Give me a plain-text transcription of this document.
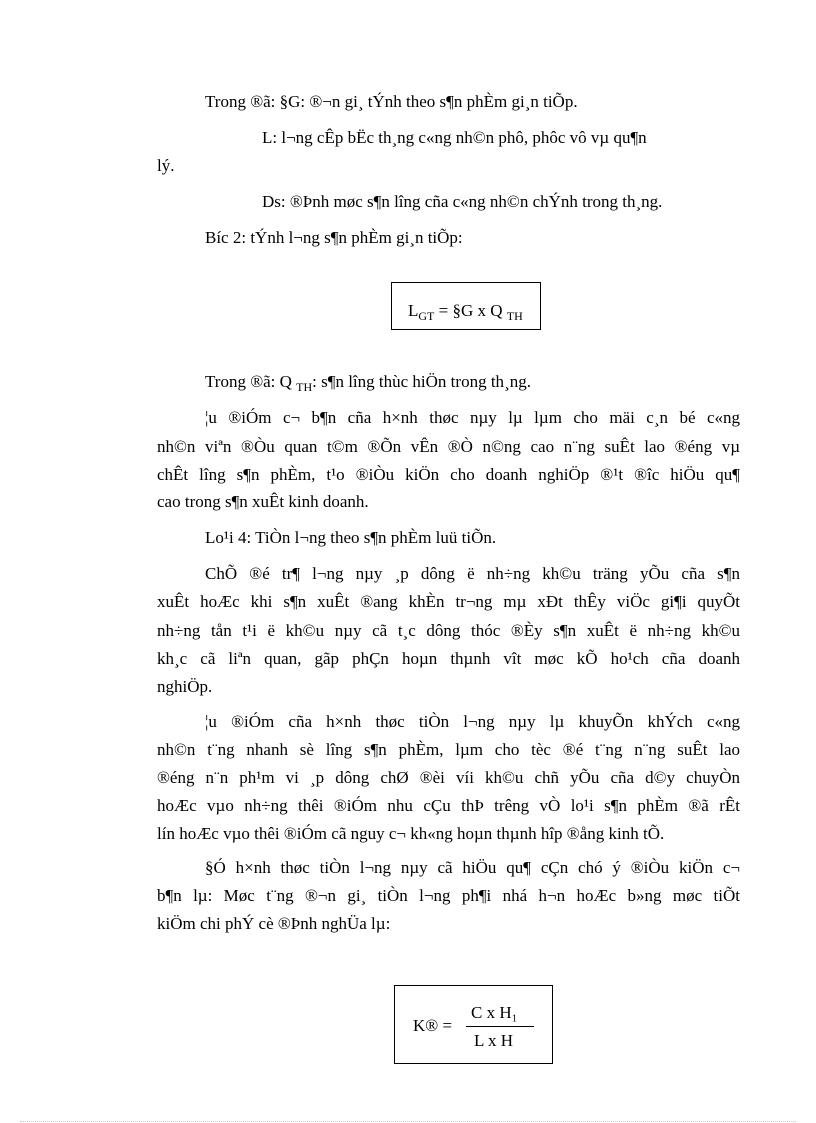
Trong ®ã: §G: ®¬n gi¸ tÝnh theo s¶n phÈm gi¸n tiÕp.
L: l¬ng cÊp bËc th¸ng c«ng nh©n phô, phôc vô vµ qu¶n
lý.
Ds: ®Þnh møc s¶n lîng cña c«ng nh©n chÝnh trong th¸ng.
Bíc 2: tÝnh l¬ng s¶n phÈm gi¸n tiÕp:
$L_{GT}$ = §G x Q $_{TH}$
Trong ®ã: Q $_{TH}$: s¶n lîng thùc hiÖn trong th¸ng.
¦u ®iÓm c¬ b¶n cña h×nh thøc nµy lµ lµm cho mäi c¸n bé c«ng
nh©n viªn ®Òu quan t©m ®Õn vÊn ®Ò n©ng cao n¨ng suÊt lao ®éng vµ
chÊt lîng s¶n phÈm, t¹o ®iÒu kiÖn cho doanh nghiÖp ®¹t ®îc hiÖu qu¶
cao trong s¶n xuÊt kinh doanh.
Lo¹i 4: TiÒn l¬ng theo s¶n phÈm luü tiÕn.
ChÕ ®é tr¶ l¬ng nµy ¸p dông ë nh÷ng kh©u träng yÕu cña s¶n
xuÊt hoÆc khi s¶n xuÊt ®ang khÈn tr¬ng mµ xÐt thÊy viÖc gi¶i quyÕt
nh÷ng tån t¹i ë kh©u nµy cã t¸c dông thóc ®Èy s¶n xuÊt ë nh÷ng kh©u
kh¸c cã liªn quan, gãp phÇn hoµn thµnh vît møc kÕ ho¹ch cña doanh
nghiÖp.
¦u ®iÓm cña h×nh thøc tiÒn l¬ng nµy lµ khuyÕn khÝch c«ng
nh©n t¨ng nhanh sè lîng s¶n phÈm, lµm cho tèc ®é t¨ng n¨ng suÊt lao
®éng n¨n ph¹m vi ¸p dông chØ ®èi víi kh©u chñ yÕu cña d©y chuyÒn
hoÆc vµo nh÷ng thêi ®iÓm nhu cÇu thÞ trêng vÒ lo¹i s¶n phÈm ®ã rÊt
lín hoÆc vµo thêi ®iÓm cã nguy c¬ kh«ng hoµn thµnh hîp ®ång kinh tÕ.
§Ó h×nh thøc tiÒn l¬ng nµy cã hiÖu qu¶ cÇn chó ý ®iÒu kiÖn c¬
b¶n lµ: Møc t¨ng ®¬n gi¸ tiÒn l¬ng ph¶i nhá h¬n hoÆc b»ng møc tiÕt
kiÖm chi phÝ cè ®Þnh nghÜa lµ:
K® =
C x H₁
L x H
